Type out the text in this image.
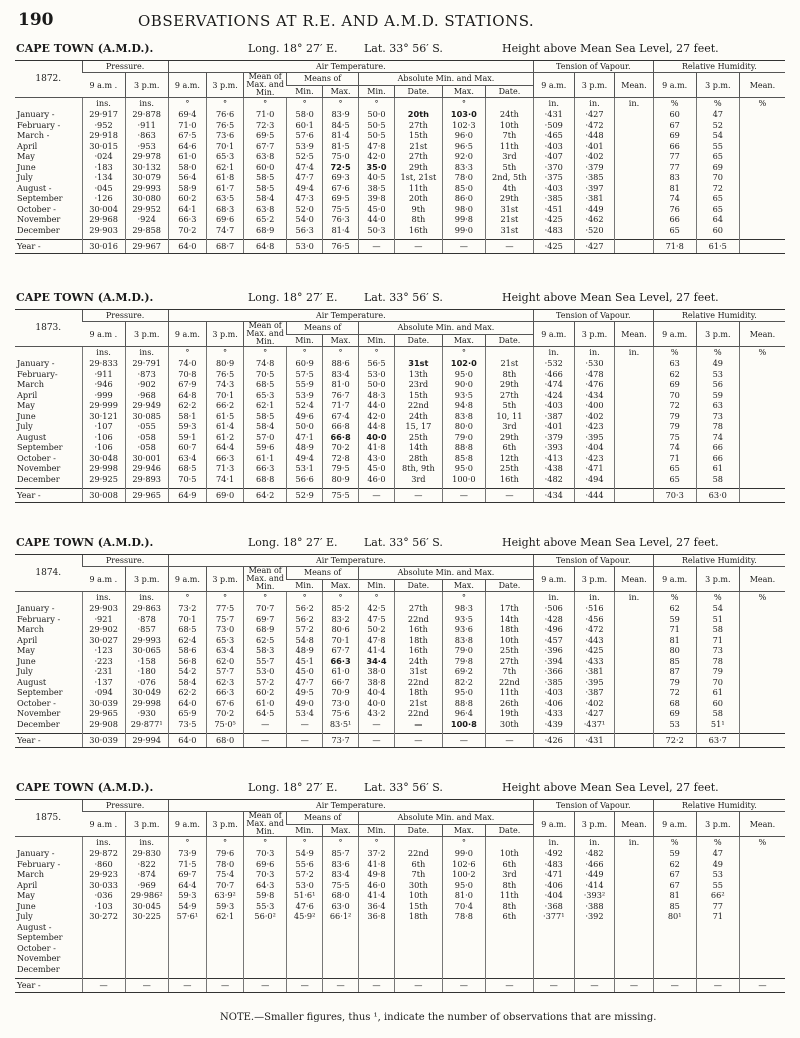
190	OBSERVATIONS AT R.E. AND A.M.D. STATIONS.
CAPE TOWN (A.M.D.).	Long. 18° 27′ E. Lat. 33° 56′ S.	Height above Mean Sea Level, 27 feet.
1872.	Pressure.		Air Temperature.									Tension of Vapour.			Relative Humidity.		
	9 a.m .	3 p.m.	9 a.m.	3 p.m.	Mean of Max. and Min.	Means of		Absolute Min. and Max.				9 a.m.	3 p.m.	Mean.	9 a.m.	3 p.m.	Mean.
						Min.	Max.	Min.	Date.	Max.	Date.						
	ins.	ins.	°	°	°	°	°	°		°		in.	in.	in.	%	%	%
January -	29·917	29·878	69·4	76·6	71·0	58·0	83·9	50·0	20th	103·0	24th	·431	·427		60	47	
February -	·952	·911	71·0	76·5	72·3	60·1	84·5	50·5	27th	102·3	10th	·509	·472		67	52	
March -	29·918	·863	67·5	73·6	69·5	57·6	81·4	50·5	15th	96·0	7th	·465	·448		69	54	
April	30·015	·953	64·6	70·1	67·7	53·9	81·5	47·8	21st	96·5	11th	·403	·401		66	55	
May	·024	29·978	61·0	65·3	63·8	52·5	75·0	42·0	27th	92·0	3rd	·407	·402		77	65	
June	·183	30·132	58·0	62·1	60·0	47·4	72·5	35·0	29th	83·3	5th	·370	·379		77	69	
July	·134	30·079	56·4	61·8	58·5	47·7	69·3	40·5	1st, 21st	78·0	2nd, 5th	·375	·385		83	70	
August -	·045	29·993	58·9	61·7	58·5	49·4	67·6	38·5	11th	85·0	4th	·403	·397		81	72	
September	·126	30·080	60·2	63·5	58·4	47·3	69·5	39·8	20th	86·0	29th	·385	·381		74	65	
October -	30·004	29·952	64·1	68·3	63·8	52·0	75·5	45·0	9th	98·0	31st	·451	·449		76	65	
November	29·968	·924	66·3	69·6	65·2	54·0	76·3	44·0	8th	99·8	21st	·425	·462		66	64	
December	29·903	29·858	70·2	74·7	68·9	56·3	81·4	50·3	16th	99·0	31st	·483	·520		65	60	

Year -	30·016	29·967	64·0	68·7	64·8	53·0	76·5	—	—	—	—	·425	·427		71·8	61·5	
CAPE TOWN (A.M.D.).	Long. 18° 27′ E. Lat. 33° 56′ S.	Height above Mean Sea Level, 27 feet.
1873.	Pressure.		Air Temperature.									Tension of Vapour.			Relative Humidity.		
	9 a.m .	3 p.m.	9 a.m.	3 p.m.	Mean of Max. and Min.	Means of		Absolute Min. and Max.				9 a.m.	3 p.m.	Mean.	9 a.m.	3 p.m.	Mean.
						Min.	Max.	Min.	Date.	Max.	Date.						
	ins.	ins.	°	°	°	°	°	°		°		in.	in.	in.	%	%	%
January -	29·833	29·791	74·0	80·9	74·8	60·9	88·6	56·5	31st	102·0	21st	·532	·530		63	49	
February-	·911	·873	70·8	76·5	70·5	57·5	83·4	53·0	13th	95·0	8th	·466	·478		62	53	
March	·946	·902	67·9	74·3	68·5	55·9	81·0	50·0	23rd	90·0	29th	·474	·476		69	56	
April	·999	·968	64·8	70·1	65·3	53·9	76·7	48·3	15th	93·5	27th	·424	·434		70	59	
May	29·999	29·949	62·2	66·2	62·1	52·4	71·7	44·0	22nd	94·8	5th	·403	·400		72	63	
June	30·121	30·085	58·1	61·5	58·5	49·6	67·4	42·0	24th	83·8	10, 11	·387	·402		79	73	
July	·107	·055	59·3	61·4	58·4	50·0	66·8	44·8	15, 17	80·0	3rd	·401	·423		79	78	
August	·106	·058	59·1	61·2	57·0	47·1	66·8	40·0	25th	79·0	29th	·379	·395		75	74	
September	·106	·058	60·7	64·4	59·6	48·9	70·2	41·8	14th	88·8	6th	·393	·404		74	66	
October -	30·048	30·001	63·4	66·3	61·1	49·4	72·8	43·0	28th	85·8	12th	·413	·423		71	66	
November	29·998	29·946	68·5	71·3	66·3	53·1	79·5	45·0	8th, 9th	95·0	25th	·438	·471		65	61	
December	29·925	29·893	70·5	74·1	68·8	56·6	80·9	46·0	3rd	100·0	16th	·482	·494		65	58	

Year -	30·008	29·965	64·9	69·0	64·2	52·9	75·5	—	—	—	—	·434	·444		70·3	63·0	
CAPE TOWN (A.M.D.).	Long. 18° 27′ E. Lat. 33° 56′ S.	Height above Mean Sea Level, 27 feet.
1874.	Pressure.		Air Temperature.									Tension of Vapour.			Relative Humidity.		
	9 a.m .	3 p.m.	9 a.m.	3 p.m.	Mean of Max. and Min.	Means of		Absolute Min. and Max.				9 a.m.	3 p.m.	Mean.	9 a.m.	3 p.m.	Mean.
						Min.	Max.	Min.	Date.	Max.	Date.						
	ins.	ins.	°	°	°	°	°	°		°		in.	in.	in.	%	%	%
January -	29·903	29·863	73·2	77·5	70·7	56·2	85·2	42·5	27th	98·3	17th	·506	·516		62	54	
February -	·921	·878	70·1	75·7	69·7	56·2	83·2	47·5	22nd	93·5	14th	·428	·456		59	51	
March	29·902	·857	68·5	73·0	68·9	57·2	80·6	50·2	16th	93·6	18th	·496	·472		71	58	
April	30·027	29·993	62·4	65·3	62·5	54·8	70·1	47·8	18th	83·8	10th	·457	·443		81	71	
May	·123	30·065	58·6	63·4	58·3	48·9	67·7	41·4	16th	79·0	25th	·396	·425		80	73	
June	·223	·158	56·8	62·0	55·7	45·1	66·3	34·4	24th	79·8	27th	·394	·433		85	78	
July	·231	·180	54·2	57·7	53·0	45·0	61·0	38·0	31st	69·2	7th	·366	·381		87	79	
August	·137	·076	58·4	62·3	57·2	47·7	66·7	38·8	22nd	82·2	22nd	·385	·395		79	70	
September	·094	30·049	62·2	66·3	60·2	49·5	70·9	40·4	18th	95·0	11th	·403	·387		72	61	
October -	30·039	29·998	64·0	67·6	61·0	49·0	73·0	40·0	21st	88·8	26th	·406	·402		68	60	
November	29·965	·930	65·9	70·2	64·5	53·4	75·6	43·2	22nd	96·4	19th	·433	·427		69	58	
December	29·908	29·877¹	73·5	75·0⁵	—	—	83·5¹	—	—	100·8	30th	·439	·437¹		53	51¹	

Year -	30·039	29·994	64·0	68·0	—	—	73·7	—	—	—	—	·426	·431		72·2	63·7	
CAPE TOWN (A.M.D.).	Long. 18° 27′ E. Lat. 33° 56′ S.	Height above Mean Sea Level, 27 feet.
1875.	Pressure.		Air Temperature.									Tension of Vapour.			Relative Humidity.		
	9 a.m .	3 p.m.	9 a.m.	3 p.m.	Mean of Max. and Min.	Means of		Absolute Min. and Max.				9 a.m.	3 p.m.	Mean.	9 a.m.	3 p.m.	Mean.
						Min.	Max.	Min.	Date.	Max.	Date.						
	ins.	ins.	°	°	°	°	°	°		°		in.	in.	in.	%	%	%
January -	29·872	29·830	73·9	79·6	70·3	54·9	85·7	37·2	22nd	99·0	10th	·492	·482		59	47	
February -	·860	·822	71·5	78·0	69·6	55·6	83·6	41·8	6th	102·6	6th	·483	·466		62	49	
March	29·923	·874	69·7	75·4	70·3	57·2	83·4	49·8	7th	100·2	3rd	·471	·449		67	53	
April	30·033	·969	64·4	70·7	64·3	53·0	75·5	46·0	30th	95·0	8th	·406	·414		67	55	
May	·036	29·986²	59·3	63·9²	59·8	51·6¹	68·0	41·4	10th	81·0	11th	·404	·393²		81	66²	
June	·103	30·045	54·9	59·3	55·3	47·6	63·0	36·4	15th	70·4	8th	·368	·388		85	77	
July	30·272	30·225	57·6¹	62·1	56·0²	45·9²	66·1²	36·8	18th	78·8	6th	·377¹	·392		80¹	71	
August -																	
September																	
October -																	
November																	
December																	

Year -	—	—	—	—	—	—	—	—	—	—	—	—	—	—	—	—	—
NOTE.—Smaller figures, thus ¹, indicate the number of observations that are missing.
